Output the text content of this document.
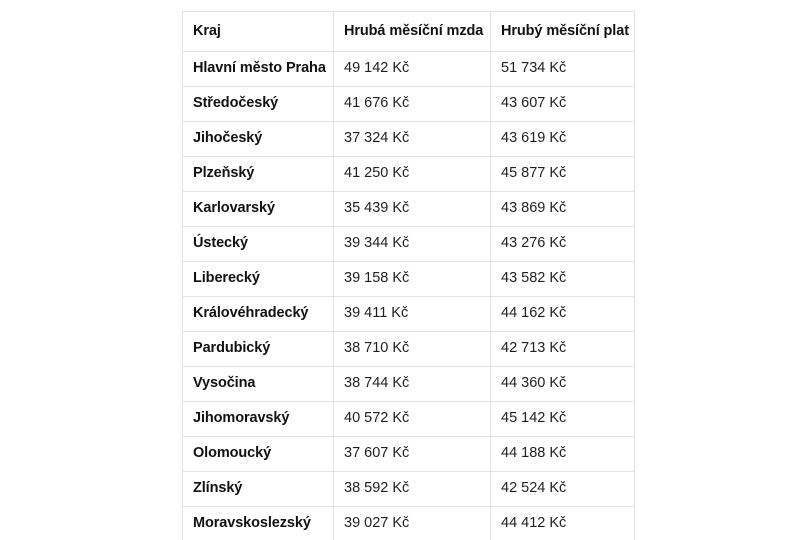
Kraj	Hrubá měsíční mzda	Hrubý měsíční plat
Hlavní město Praha	49 142 Kč	51 734 Kč
Středočeský	41 676 Kč	43 607 Kč
Jihočeský	37 324 Kč	43 619 Kč
Plzeňský	41 250 Kč	45 877 Kč
Karlovarský	35 439 Kč	43 869 Kč
Ústecký	39 344 Kč	43 276 Kč
Liberecký	39 158 Kč	43 582 Kč
Královéhradecký	39 411 Kč	44 162 Kč
Pardubický	38 710 Kč	42 713 Kč
Vysočina	38 744 Kč	44 360 Kč
Jihomoravský	40 572 Kč	45 142 Kč
Olomoucký	37 607 Kč	44 188 Kč
Zlínský	38 592 Kč	42 524 Kč
Moravskoslezský	39 027 Kč	44 412 Kč
